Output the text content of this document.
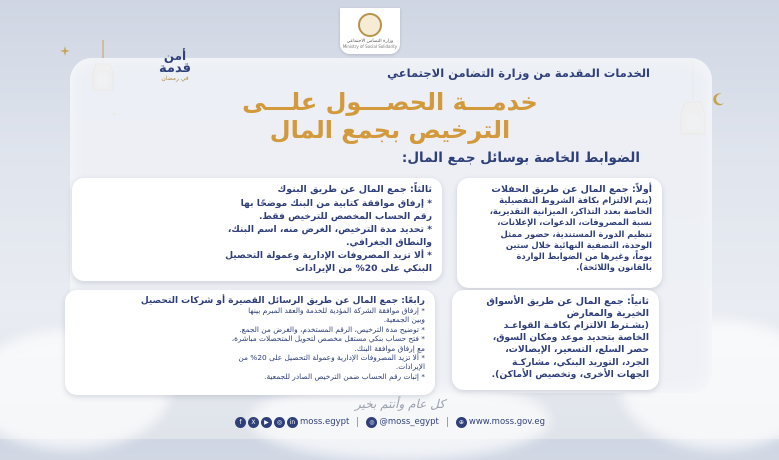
وزارة التضامن الاجتماعي
Ministry of Social Solidarity
أمن
قدمة
في رمضان	الخدمات المقدمة من وزارة التضامن الاجتماعي
خدمـــة الحصـــول علـــى
الترخيص بجمع المال
الضوابط الخاصة بوسائل جمع المال:
أولاً: جمع المال عن طريق الحفلات
(يتم الالتزام بكافة الشروط التفصيلية
الخاصة بعدد التذاكر، الميزانية التقديرية،
نسبة المصروفات، الدعوات، الإعلانات،
تنظيم الدورة المستندية، حضور ممثل
الوحدة، التصفية النهائية خلال ستين
يوماً، وغيرها من الضوابط الواردة
بالقانون واللائحة).
ثالثاً: جمع المال عن طريق البنوك
* إرفاق موافقة كتابية من البنك موضحًا بها
رقم الحساب المخصص للترخيص فقط.
* تحديد مدة الترخيص، الغرض منه، اسم البنك،
والنطاق الجغرافي.
* ألا تزيد المصروفات الإدارية وعمولة التحصيل
البنكي على 20% من الإيرادات
رابعًا: جمع المال عن طريق الرسائل القصيرة أو شركات التحصيل
* إرفاق موافقة الشركة المؤدية للخدمة والعقد المبرم بينها
وبين الجمعية.
* توضيح مدة الترخيص، الرقم المستخدم، والغرض من الجمع.
* فتح حساب بنكي مستقل مخصص لتحويل المتحصلات مباشرة،
مع إرفاق موافقة البنك.
* ألا تزيد المصروفات الإدارية وعمولة التحصيل على 20% من
الإيرادات.
* إثبات رقم الحساب ضمن الترخيص الصادر للجمعية.
ثانياً: جمع المال عن طريق الأسواق الخيرية والمعارض
(يشـترط الالتزام بكافـة القواعـد
الخاصة بتحديد موعد ومكان السوق،
حصر السلع، التسعير، الإيصالات،
الجرد، التوريد البنكي، مشاركـة
الجهات الأخرى، وتخصيص الأماكن).
كل عام وأنتم بخير
f	X	▶	◎	in moss.egypt	◎ @moss_egypt	⊕ www.moss.gov.eg
